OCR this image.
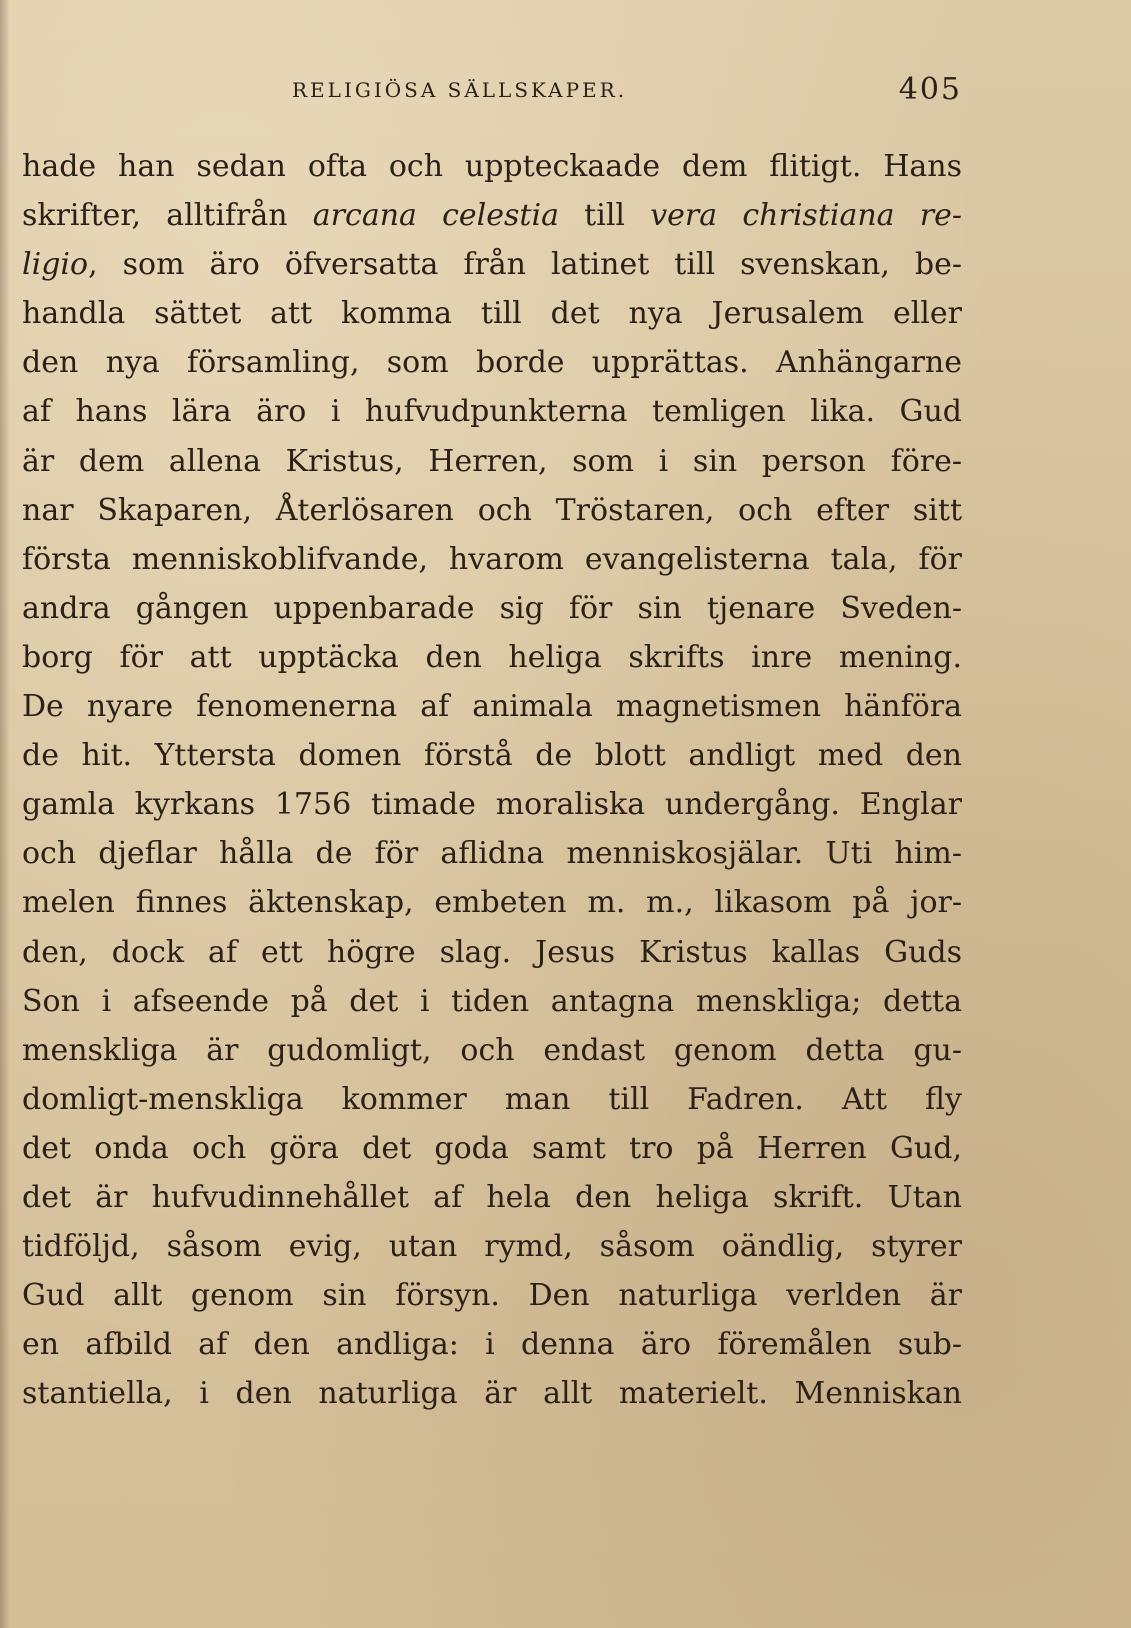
RELIGIÖSA SÄLLSKAPER.	405
hade han sedan ofta och uppteckaade dem flitigt. Hans
skrifter, alltifrån arcana celestia till vera christiana re-
ligio, som äro öfversatta från latinet till svenskan, be-
handla sättet att komma till det nya Jerusalem eller
den nya församling, som borde upprättas. Anhängarne
af hans lära äro i hufvudpunkterna temligen lika. Gud
är dem allena Kristus, Herren, som i sin person före-
nar Skaparen, Återlösaren och Tröstaren, och efter sitt
första menniskoblifvande, hvarom evangelisterna tala, för
andra gången uppenbarade sig för sin tjenare Sveden-
borg för att upptäcka den heliga skrifts inre mening.
De nyare fenomenerna af animala magnetismen hänföra
de hit. Yttersta domen förstå de blott andligt med den
gamla kyrkans 1756 timade moraliska undergång. Englar
och djeflar hålla de för aflidna menniskosjälar. Uti him-
melen finnes äktenskap, embeten m. m., likasom på jor-
den, dock af ett högre slag. Jesus Kristus kallas Guds
Son i afseende på det i tiden antagna menskliga; detta
menskliga är gudomligt, och endast genom detta gu-
domligt-menskliga kommer man till Fadren. Att fly
det onda och göra det goda samt tro på Herren Gud,
det är hufvudinnehållet af hela den heliga skrift. Utan
tidföljd, såsom evig, utan rymd, såsom oändlig, styrer
Gud allt genom sin försyn. Den naturliga verlden är
en afbild af den andliga: i denna äro föremålen sub-
stantiella, i den naturliga är allt materielt. Menniskan
